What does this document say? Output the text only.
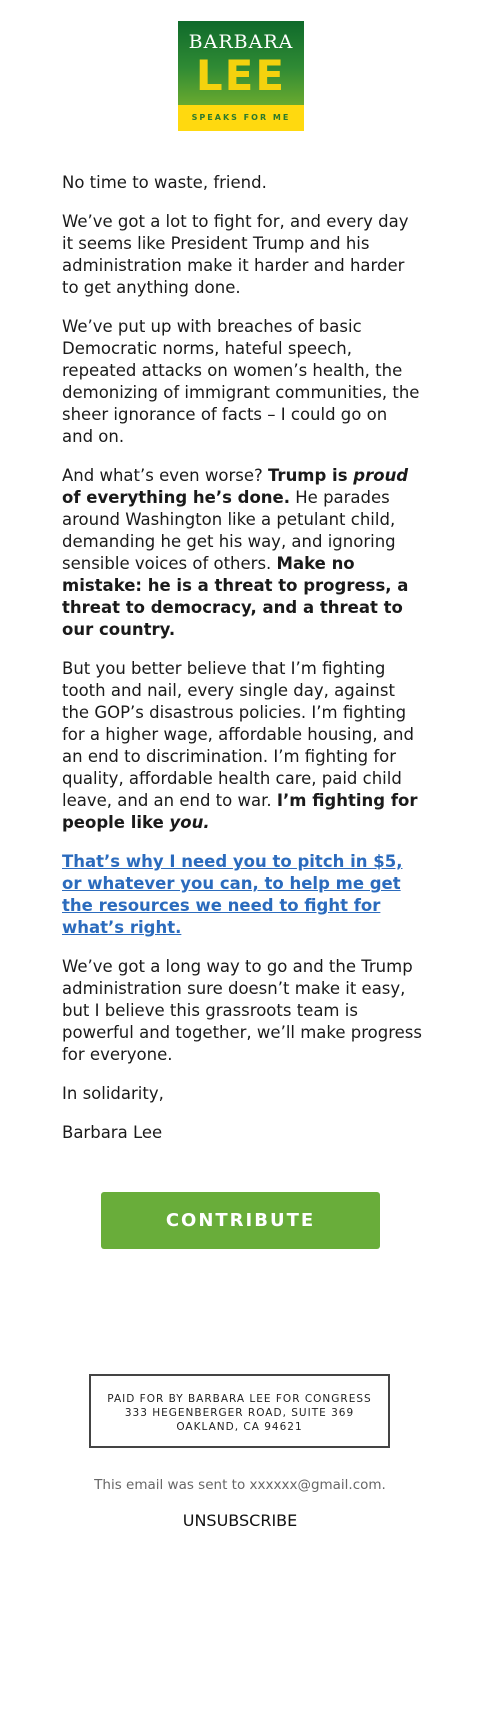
BARBARA
LEE
SPEAKS FOR ME

No time to waste, friend.

We’ve got a lot to fight for, and every day it seems like President Trump and his administration make it harder and harder to get anything done.

We’ve put up with breaches of basic Democratic norms, hateful speech, repeated attacks on women’s health, the demonizing of immigrant communities, the sheer ignorance of facts – I could go on and on.

And what’s even worse? Trump is proud of everything he’s done. He parades around Washington like a petulant child, demanding he get his way, and ignoring sensible voices of others. Make no mistake: he is a threat to progress, a threat to democracy, and a threat to our country.

But you better believe that I’m fighting tooth and nail, every single day, against the GOP’s disastrous policies. I’m fighting for a higher wage, affordable housing, and an end to discrimination. I’m fighting for quality, affordable health care, paid child leave, and an end to war. I’m fighting for people like you.

That’s why I need you to pitch in $5, or whatever you can, to help me get the resources we need to fight for what’s right.

We’ve got a long way to go and the Trump administration sure doesn’t make it easy, but I believe this grassroots team is powerful and together, we’ll make progress for everyone.

In solidarity,

Barbara Lee

CONTRIBUTE
PAID FOR BY BARBARA LEE FOR CONGRESS
333 HEGENBERGER ROAD, SUITE 369
OAKLAND, CA 94621
This email was sent to xxxxxx@gmail.com.
UNSUBSCRIBE
